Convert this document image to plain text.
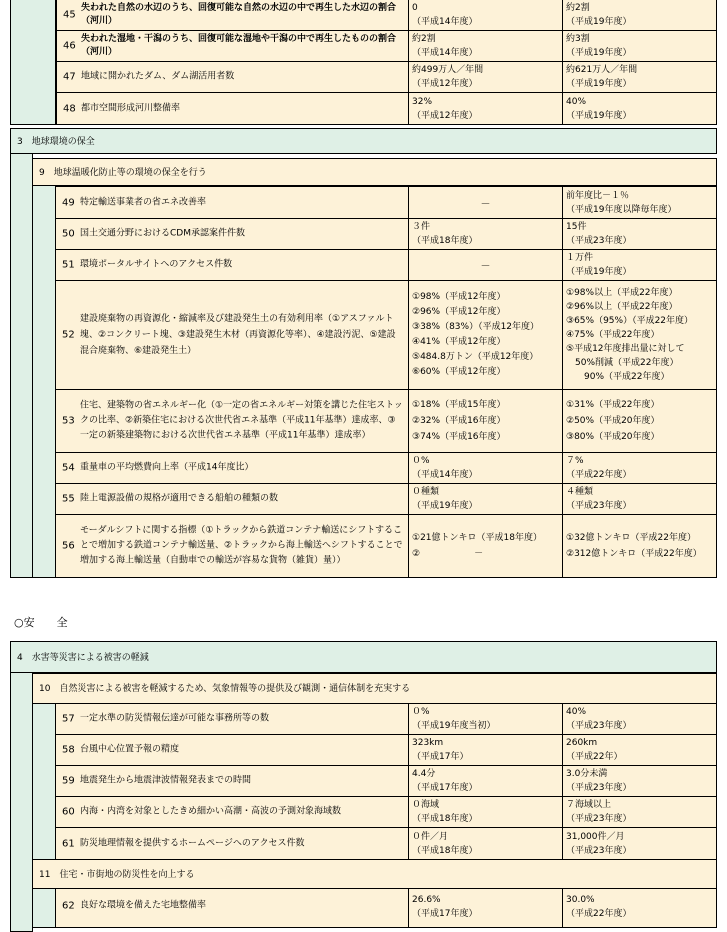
45
失われた自然の水辺のうち、回復可能な自然の水辺の中で再生した水辺の割合（河川）
0
（平成14年度）
約2割
（平成19年度）
46
失われた湿地・干潟のうち、回復可能な湿地や干潟の中で再生したものの割合（河川）
約2割
（平成14年度）
約3割
（平成19年度）
47 地域に開かれたダム、ダム湖活用者数
約499万人／年間
（平成12年度）
約621万人／年間
（平成19年度）
48 都市空間形成河川整備率
32%
（平成12年度）
40%
（平成19年度）
3　地球環境の保全
9　地球温暖化防止等の環境の保全を行う
49 特定輸送事業者の省エネ改善率	－
前年度比－１％
（平成19年度以降毎年度）
50 国土交通分野におけるCDM承認案件件数
３件
（平成18年度）
15件
（平成23年度）
51 環境ポータルサイトへのアクセス件数	－
１万件
（平成19年度）
52
建設廃棄物の再資源化・縮減率及び建設発生土の有効利用率（①アスファルト塊、②コンクリート塊、③建設発生木材（再資源化等率）、④建設汚泥、⑤建設混合廃棄物、⑥建設発生土）
①98%（平成12年度）
②96%（平成12年度）
③38%（83%）（平成12年度）
④41%（平成12年度）
⑤484.8万トン（平成12年度）
⑥60%（平成12年度）
①98%以上（平成22年度）
②96%以上（平成22年度）
③65%（95%）（平成22年度）
④75%（平成22年度）
⑤平成12年度排出量に対して
　50%削減（平成22年度）
　　90%（平成22年度）
53
住宅、建築物の省エネルギー化（①一定の省エネルギー対策を講じた住宅ストックの比率、②新築住宅における次世代省エネ基準（平成11年基準）達成率、③一定の新築建築物における次世代省エネ基準（平成11年基準）達成率）
①18%（平成15年度）
②32%（平成16年度）
③74%（平成16年度）
①31%（平成22年度）
②50%（平成20年度）
③80%（平成20年度）
54 重量車の平均燃費向上率（平成14年度比）
０%
（平成14年度）
７%
（平成22年度）
55 陸上電源設備の規格が適用できる船舶の種類の数
０種類
（平成19年度）
４種類
（平成23年度）
56
モーダルシフトに関する指標（①トラックから鉄道コンテナ輸送にシフトすることで増加する鉄道コンテナ輸送量、②トラックから海上輸送へシフトすることで増加する海上輸送量（自動車での輸送が容易な貨物（雑貨）量））
①21億トンキロ（平成18年度）
②　　　　　　－
①32億トンキロ（平成22年度）
②312億トンキロ（平成22年度）
○安　　全
4　水害等災害による被害の軽減
10　自然災害による被害を軽減するため、気象情報等の提供及び観測・通信体制を充実する
57 一定水準の防災情報伝達が可能な事務所等の数
０%
（平成19年度当初）
40%
（平成23年度）
58 台風中心位置予報の精度
323km
（平成17年）
260km
（平成22年）
59 地震発生から地震津波情報発表までの時間
4.4分
（平成17年度）
3.0分未満
（平成23年度）
60 内海・内湾を対象としたきめ細かい高潮・高波の予測対象海域数
０海域
（平成18年度）
７海域以上
（平成23年度）
61 防災地理情報を提供するホームページへのアクセス件数
０件／月
（平成18年度）
31,000件／月
（平成23年度）
11　住宅・市街地の防災性を向上する
62 良好な環境を備えた宅地整備率
26.6%
（平成17年度）
30.0%
（平成22年度）
